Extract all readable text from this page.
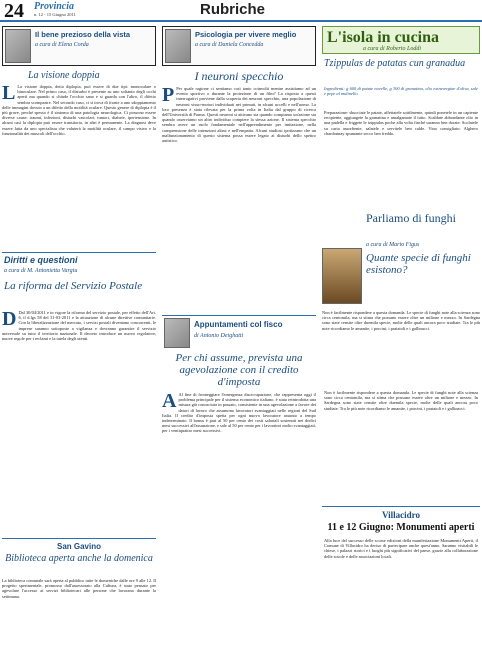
24 Provincia
n. 12 - 15 Giugno 2011	Rubriche
Il bene prezioso della vista
a cura di Elena Corda
La visione doppia
L La visione doppia, detta diplopia, può essere di due tipi: monoculare o binoculare. Nel primo caso, il disturbo è presente su uno soltanto degli occhi aperti ma quando si chiude l'occhio sano e si guarda con l'altro, il difetto sembra scomparire. Nel secondo caso, ci si trova di fronte a uno sdoppiamento delle immagini dovuto a un difetto della motilità oculare. Questo genere di diplopia è il più grave, perché spesso è il sintomo di una patologia neurologica. Ci possono essere diverse cause: traumi, infezioni, disturbi vascolari, tumori, diabete, ipertensione. In alcuni casi la diplopia può essere transitoria, in altri è permanente. La diagnosi deve essere fatta da uno specialista che valuterà la motilità oculare, il campo visivo e la funzionalità dei muscoli dell'occhio.
Diritti e questioni
a cura di M. Antonietta Vargiu
La riforma del Servizio Postale
D Dal 30/04/2011 e in vigore la riforma del servizio postale, per effetto dell'Art. 6, il d.lgs 58 del 31-03-2011 e la attuazione di alcune direttive comunitarie. Con la liberalizzazione del mercato, i servizi postali diventano concorrenti, le imprese saranno sottoposte a vigilanza e dovranno garantire il servizio universale su tutto il territorio nazionale. Il decreto introduce un nuovo regolatore, nuove regole per i reclami e la tutela degli utenti.
San Gavino
Biblioteca aperta anche la domenica
La biblioteca comunale sarà aperta al pubblico tutte le domeniche dalle ore 9 alle 12. Il progetto sperimentale, promosso dall'assessorato alla Cultura, è stato pensato per agevolare l'accesso ai servizi bibliotecari alle persone che lavorano durante la settimana.
Psicologia per vivere meglio
a cura di Daniela Concedda
I neuroni specchio
P Per quale ragione ci sentiamo così tanto coinvolti mentre assistiamo ad un evento sportivo o durante la proiezione di un film? La risposta a questi interrogativi proviene dalla scoperta dei neuroni specchio, una popolazione di neuroni visuo-motori individuati nei primati, in alcuni uccelli e nell'uomo. La loro presenza è stata rilevata per la prima volta in Italia dal gruppo di ricerca dell'Università di Parma. Questi neuroni si attivano sia quando compiamo un'azione sia quando osserviamo un altro individuo compiere la stessa azione. Il sistema specchio sembra avere un ruolo fondamentale nell'apprendimento per imitazione, nella comprensione delle intenzioni altrui e nell'empatia. Alcuni studiosi ipotizzano che un malfunzionamento di questo sistema possa essere legato ai disturbi dello spettro autistico.
Appuntamenti col fisco
di Antonio Deighatti
Per chi assume, prevista una agevolazione con il credito d'imposta
A Al fine di fronteggiare l'emergenza disoccupazione, che rappresenta oggi il problema principale per il sistema economico italiano, è stata reintrodotta una misura già conosciuta in passato, consistente in una agevolazione a favore dei datori di lavoro che assumono lavoratori svantaggiati nelle regioni del Sud Italia. Il credito d'imposta spetta per ogni nuovo lavoratore assunto a tempo indeterminato. Il bonus è pari al 50 per cento dei costi salariali sostenuti nei dodici mesi successivi all'assunzione, e sale al 50 per cento per i lavoratori molto svantaggiati, per i ventiquattro mesi successivi.
L'isola in cucina
a cura di Roberto Loddi
Tzippulas de patatas cun granadua
Ingredienti: g 600 di patate novelle, g 300 di granatina, olio extravergine d'oliva, sale e pepe al mulinello.
Preparazione: sbucciate le patate, affettatele sottilmente, quindi ponetele in un capiente recipiente, aggiungete la granatina e amalgamate il tutto. Scaldate abbondante olio in una padella e friggete le tzippulas poche alla volta finché saranno ben dorate. Scolatele su carta assorbente, salatele e servitele ben calde. Vino consigliato: Alghero chardonnay spumante secco ben freddo.
Parliamo di funghi
a cura di Mario Figus
Quante specie di funghi esistono?
Non è facilmente rispondere a questa domanda. Le specie di funghi note alla scienza sono circa centomila, ma si stima che possano essere oltre un milione e mezzo. In Sardegna sono state censite oltre duemila specie, molte delle quali ancora poco studiate. Tra le più note ricordiamo le amanite, i porcini, i prataioli e i gallinacci.
Non è facilmente rispondere a questa domanda. Le specie di funghi note alla scienza sono circa centomila, ma si stima che possano essere oltre un milione e mezzo. In Sardegna sono state censite oltre duemila specie, molte delle quali ancora poco studiate. Tra le più note ricordiamo le amanite, i porcini, i prataioli e i gallinacci.
Villacidro
11 e 12 Giugno: Monumenti aperti
Alla luce del successo delle scorse edizioni della manifestazione Monumenti Aperti, il Comune di Villacidro ha deciso di partecipare anche quest'anno. Saranno visitabili le chiese, i palazzi storici e i luoghi più significativi del paese, grazie alla collaborazione delle scuole e delle associazioni locali.
